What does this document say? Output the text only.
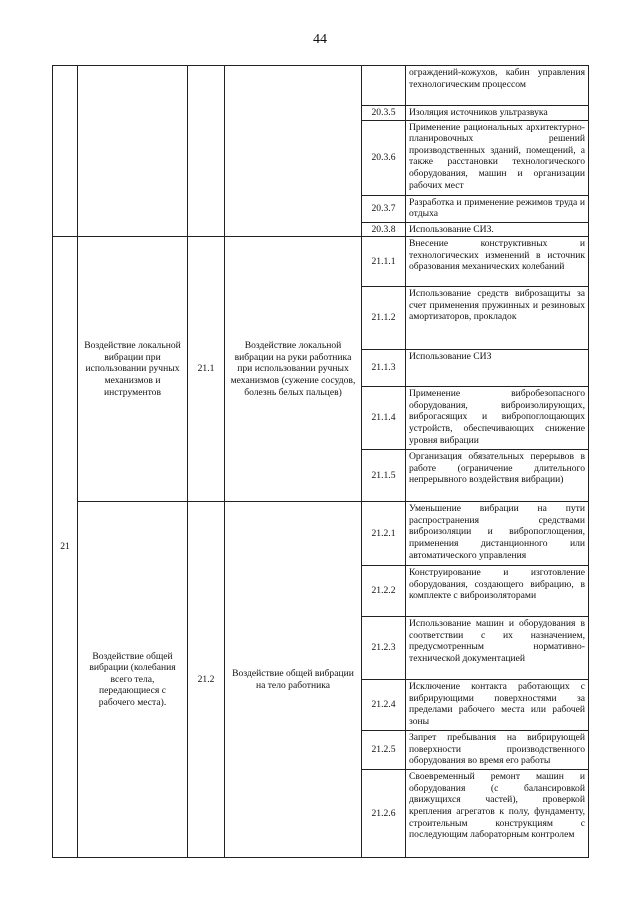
44
					ограждений-кожухов, кабин управления технологическим процессом
				20.3.5	Изоляция источников ультразвука
				20.3.6	Применение рациональных архитектурно-планировочных решений производственных зданий, помещений, а также расстановки технологического оборудования, машин и организации рабочих мест
				20.3.7	Разработка и применение режимов труда и отдыха
				20.3.8	Использование СИЗ.
21	Воздействие локальной вибрации при использовании ручных механизмов и инструментов	21.1	Воздействие локальной вибрации на руки работника при использовании ручных механизмов (сужение сосудов, болезнь белых пальцев)	21.1.1	Внесение конструктивных и технологических изменений в источник образования механических колебаний
				21.1.2	Использование средств виброзащиты за счет применения пружинных и резиновых амортизаторов, прокладок
				21.1.3	Использование СИЗ
				21.1.4	Применение вибробезопасного оборудования, виброизолирующих, виброгасящих и вибропоглощающих устройств, обеспечивающих снижение уровня вибрации
				21.1.5	Организация обязательных перерывов в работе (ограничение длительного непрерывного воздействия вибрации)
	Воздействие общей вибрации (колебания всего тела, передающиеся с рабочего места).	21.2	Воздействие общей вибрации на тело работника	21.2.1	Уменьшение вибрации на пути распространения средствами виброизоляции и вибропоглощения, применения дистанционного или автоматического управления
				21.2.2	Конструирование и изготовление оборудования, создающего вибрацию, в комплекте с виброизоляторами
				21.2.3	Использование машин и оборудования в соответствии с их назначением, предусмотренным нормативно-технической документацией
				21.2.4	Исключение контакта работающих с вибрирующими поверхностями за пределами рабочего места или рабочей зоны
				21.2.5	Запрет пребывания на вибрирующей поверхности производственного оборудования во время его работы
				21.2.6	Своевременный ремонт машин и оборудования (с балансировкой движущихся частей), проверкой крепления агрегатов к полу, фундаменту, строительным конструкциям с последующим лабораторным контролем
